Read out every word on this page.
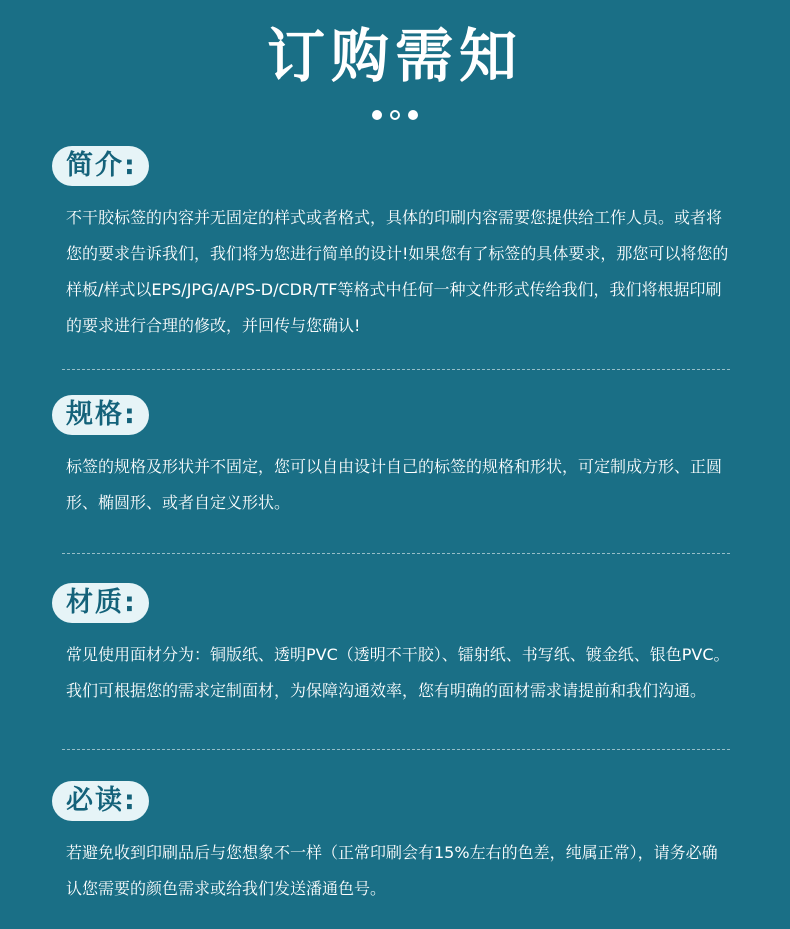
订购需知
简介:
不干胶标签的内容并无固定的样式或者格式，具体的印刷内容需要您提供给工作人员。或者将您的要求告诉我们，我们将为您进行简单的设计!如果您有了标签的具体要求，那您可以将您的样板/样式以EPS/JPG/A/PS-D/CDR/TF等格式中任何一种文件形式传给我们，我们将根据印刷的要求进行合理的修改，并回传与您确认!
规格:
标签的规格及形状并不固定，您可以自由设计自己的标签的规格和形状，可定制成方形、正圆形、椭圆形、或者自定义形状。
材质:
常见使用面材分为：铜版纸、透明PVC（透明不干胶）、镭射纸、书写纸、镀金纸、银色PVC。我们可根据您的需求定制面材，为保障沟通效率，您有明确的面材需求请提前和我们沟通。
必读:
若避免收到印刷品后与您想象不一样（正常印刷会有15%左右的色差，纯属正常），请务必确认您需要的颜色需求或给我们发送潘通色号。
